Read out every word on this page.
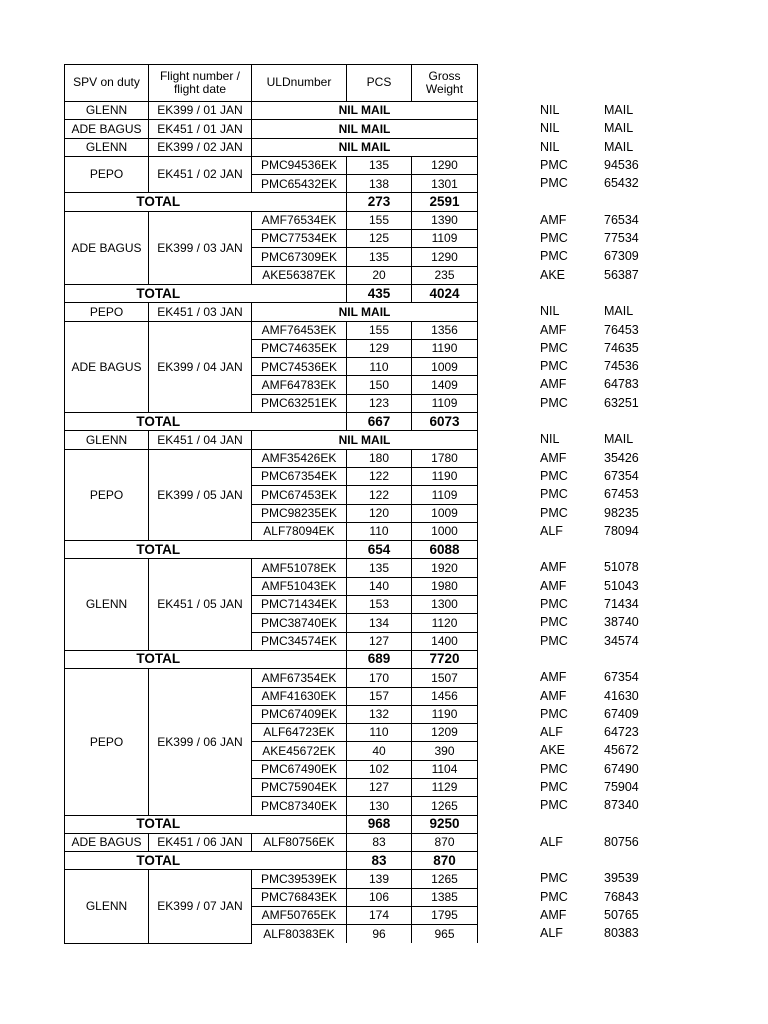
SPV on duty	Flight number / flight date	ULDnumber	PCS	Gross Weight
GLENN	EK399 / 01 JAN	NIL MAIL		
ADE BAGUS	EK451 / 01 JAN	NIL MAIL		
GLENN	EK399 / 02 JAN	NIL MAIL		
PEPO	EK451 / 02 JAN	PMC94536EK	135	1290
		PMC65432EK	138	1301
TOTAL			273	2591
ADE BAGUS	EK399 / 03 JAN	AMF76534EK	155	1390
		PMC77534EK	125	1109
		PMC67309EK	135	1290
		AKE56387EK	20	235
TOTAL			435	4024
PEPO	EK451 / 03 JAN	NIL MAIL		
ADE BAGUS	EK399 / 04 JAN	AMF76453EK	155	1356
		PMC74635EK	129	1190
		PMC74536EK	110	1009
		AMF64783EK	150	1409
		PMC63251EK	123	1109
TOTAL			667	6073
GLENN	EK451 / 04 JAN	NIL MAIL		
PEPO	EK399 / 05 JAN	AMF35426EK	180	1780
		PMC67354EK	122	1190
		PMC67453EK	122	1109
		PMC98235EK	120	1009
		ALF78094EK	110	1000
TOTAL			654	6088
GLENN	EK451 / 05 JAN	AMF51078EK	135	1920
		AMF51043EK	140	1980
		PMC71434EK	153	1300
		PMC38740EK	134	1120
		PMC34574EK	127	1400
TOTAL			689	7720
PEPO	EK399 / 06 JAN	AMF67354EK	170	1507
		AMF41630EK	157	1456
		PMC67409EK	132	1190
		ALF64723EK	110	1209
		AKE45672EK	40	390
		PMC67490EK	102	1104
		PMC75904EK	127	1129
		PMC87340EK	130	1265
TOTAL			968	9250
ADE BAGUS	EK451 / 06 JAN	ALF80756EK	83	870
TOTAL			83	870
GLENN	EK399 / 07 JAN	PMC39539EK	139	1265
		PMC76843EK	106	1385
		AMF50765EK	174	1795
		ALF80383EK	96	965
NIL	MAIL
NIL	MAIL
NIL	MAIL
PMC	94536
PMC	65432
AMF	76534
PMC	77534
PMC	67309
AKE	56387
NIL	MAIL
AMF	76453
PMC	74635
PMC	74536
AMF	64783
PMC	63251
NIL	MAIL
AMF	35426
PMC	67354
PMC	67453
PMC	98235
ALF	78094
AMF	51078
AMF	51043
PMC	71434
PMC	38740
PMC	34574
AMF	67354
AMF	41630
PMC	67409
ALF	64723
AKE	45672
PMC	67490
PMC	75904
PMC	87340
ALF	80756
PMC	39539
PMC	76843
AMF	50765
ALF	80383
